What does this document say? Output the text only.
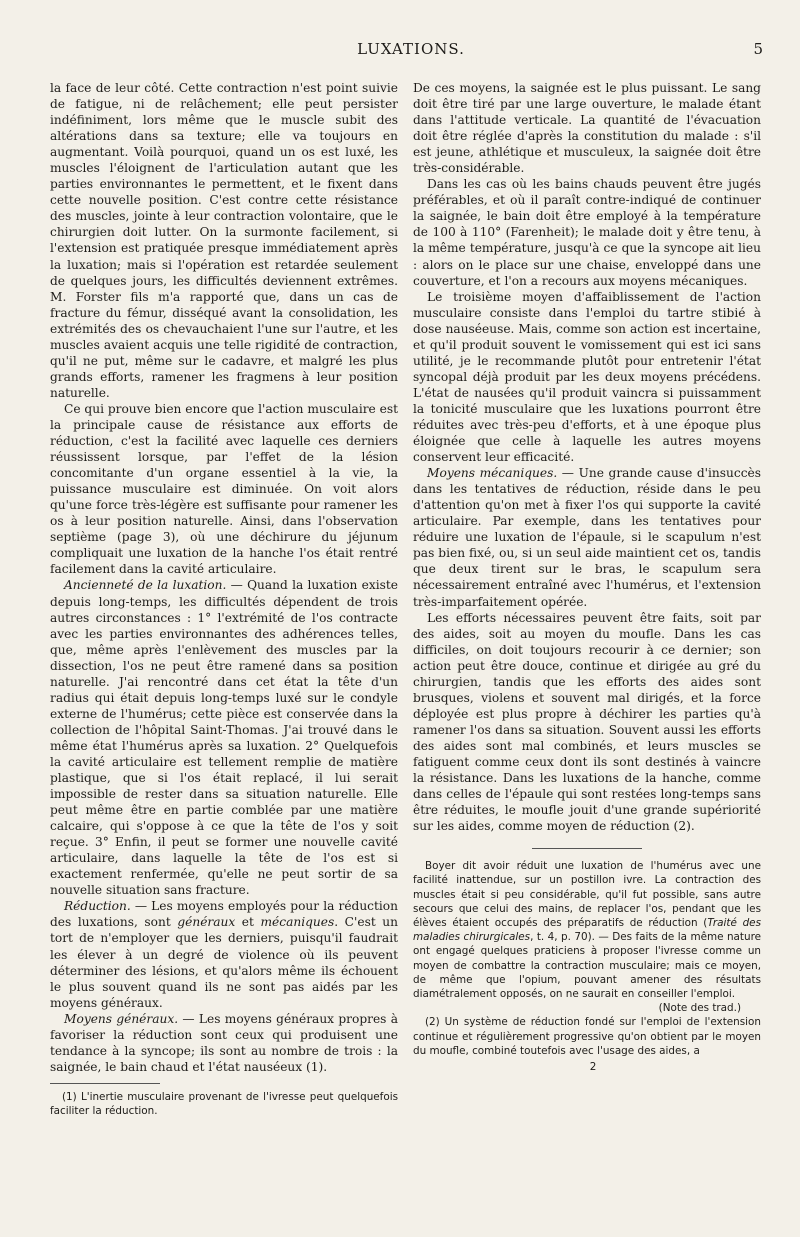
LUXATIONS.	5

la face de leur côté. Cette contraction n'est point suivie de fatigue, ni de relâchement; elle peut persister indéfiniment, lors même que le muscle subit des altérations dans sa texture; elle va toujours en augmentant. Voilà pourquoi, quand un os est luxé, les muscles l'éloignent de l'articulation autant que les parties environnantes le permettent, et le fixent dans cette nouvelle position. C'est contre cette résistance des muscles, jointe à leur contraction volontaire, que le chirurgien doit lutter. On la surmonte facilement, si l'extension est pratiquée presque immédiatement après la luxation; mais si l'opération est retardée seulement de quelques jours, les difficultés deviennent extrêmes. M. Forster fils m'a rapporté que, dans un cas de fracture du fémur, disséqué avant la consolidation, les extrémités des os chevauchaient l'une sur l'autre, et les muscles avaient acquis une telle rigidité de contraction, qu'il ne put, même sur le cadavre, et malgré les plus grands efforts, ramener les fragmens à leur position naturelle.

Ce qui prouve bien encore que l'action musculaire est la principale cause de résistance aux efforts de réduction, c'est la facilité avec laquelle ces derniers réussissent lorsque, par l'effet de la lésion concomitante d'un organe essentiel à la vie, la puissance musculaire est diminuée. On voit alors qu'une force très-légère est suffisante pour ramener les os à leur position naturelle. Ainsi, dans l'observation septième (page 3), où une déchirure du jéjunum compliquait une luxation de la hanche l'os était rentré facilement dans la cavité articulaire.

Ancienneté de la luxation. — Quand la luxation existe depuis long-temps, les difficultés dépendent de trois autres circonstances : 1° l'extrémité de l'os contracte avec les parties environnantes des adhérences telles, que, même après l'enlèvement des muscles par la dissection, l'os ne peut être ramené dans sa position naturelle. J'ai rencontré dans cet état la tête d'un radius qui était depuis long-temps luxé sur le condyle externe de l'humérus; cette pièce est conservée dans la collection de l'hôpital Saint-Thomas. J'ai trouvé dans le même état l'humérus après sa luxation. 2° Quelquefois la cavité articulaire est tellement remplie de matière plastique, que si l'os était replacé, il lui serait impossible de rester dans sa situation naturelle. Elle peut même être en partie comblée par une matière calcaire, qui s'oppose à ce que la tête de l'os y soit reçue. 3° Enfin, il peut se former une nouvelle cavité articulaire, dans laquelle la tête de l'os est si exactement renfermée, qu'elle ne peut sortir de sa nouvelle situation sans fracture.

Réduction. — Les moyens employés pour la réduction des luxations, sont généraux et mécaniques. C'est un tort de n'employer que les derniers, puisqu'il faudrait les élever à un degré de violence où ils peuvent déterminer des lésions, et qu'alors même ils échouent le plus souvent quand ils ne sont pas aidés par les moyens généraux.

Moyens généraux. — Les moyens généraux propres à favoriser la réduction sont ceux qui produisent une tendance à la syncope; ils sont au nombre de trois : la saignée, le bain chaud et l'état nauséeux (1).

(1) L'inertie musculaire provenant de l'ivresse peut quelquefois faciliter la réduction.

De ces moyens, la saignée est le plus puissant. Le sang doit être tiré par une large ouverture, le malade étant dans l'attitude verticale. La quantité de l'évacuation doit être réglée d'après la constitution du malade : s'il est jeune, athlétique et musculeux, la saignée doit être très-considérable.

Dans les cas où les bains chauds peuvent être jugés préférables, et où il paraît contre-indiqué de continuer la saignée, le bain doit être employé à la température de 100 à 110° (Farenheit); le malade doit y être tenu, à la même température, jusqu'à ce que la syncope ait lieu : alors on le place sur une chaise, enveloppé dans une couverture, et l'on a recours aux moyens mécaniques.

Le troisième moyen d'affaiblissement de l'action musculaire consiste dans l'emploi du tartre stibié à dose nauséeuse. Mais, comme son action est incertaine, et qu'il produit souvent le vomissement qui est ici sans utilité, je le recommande plutôt pour entretenir l'état syncopal déjà produit par les deux moyens précédens. L'état de nausées qu'il produit vaincra si puissamment la tonicité musculaire que les luxations pourront être réduites avec très-peu d'efforts, et à une époque plus éloignée que celle à laquelle les autres moyens conservent leur efficacité.

Moyens mécaniques. — Une grande cause d'insuccès dans les tentatives de réduction, réside dans le peu d'attention qu'on met à fixer l'os qui supporte la cavité articulaire. Par exemple, dans les tentatives pour réduire une luxation de l'épaule, si le scapulum n'est pas bien fixé, ou, si un seul aide maintient cet os, tandis que deux tirent sur le bras, le scapulum sera nécessairement entraîné avec l'humérus, et l'extension très-imparfaitement opérée.

Les efforts nécessaires peuvent être faits, soit par des aides, soit au moyen du moufle. Dans les cas difficiles, on doit toujours recourir à ce dernier; son action peut être douce, continue et dirigée au gré du chirurgien, tandis que les efforts des aides sont brusques, violens et souvent mal dirigés, et la force déployée est plus propre à déchirer les parties qu'à ramener l'os dans sa situation. Souvent aussi les efforts des aides sont mal combinés, et leurs muscles se fatiguent comme ceux dont ils sont destinés à vaincre la résistance. Dans les luxations de la hanche, comme dans celles de l'épaule qui sont restées long-temps sans être réduites, le moufle jouit d'une grande supériorité sur les aides, comme moyen de réduction (2).

Boyer dit avoir réduit une luxation de l'humérus avec une facilité inattendue, sur un postillon ivre. La contraction des muscles était si peu considérable, qu'il fut possible, sans autre secours que celui des mains, de replacer l'os, pendant que les élèves étaient occupés des préparatifs de réduction (Traité des maladies chirurgicales, t. 4, p. 70). — Des faits de la même nature ont engagé quelques praticiens à proposer l'ivresse comme un moyen de combattre la contraction musculaire; mais ce moyen, de même que l'opium, pouvant amener des résultats diamétralement opposés, on ne saurait en conseiller l'emploi.

(Note des trad.)

(2) Un système de réduction fondé sur l'emploi de l'extension continue et régulièrement progressive qu'on obtient par le moyen du moufle, combiné toutefois avec l'usage des aides, a

2
